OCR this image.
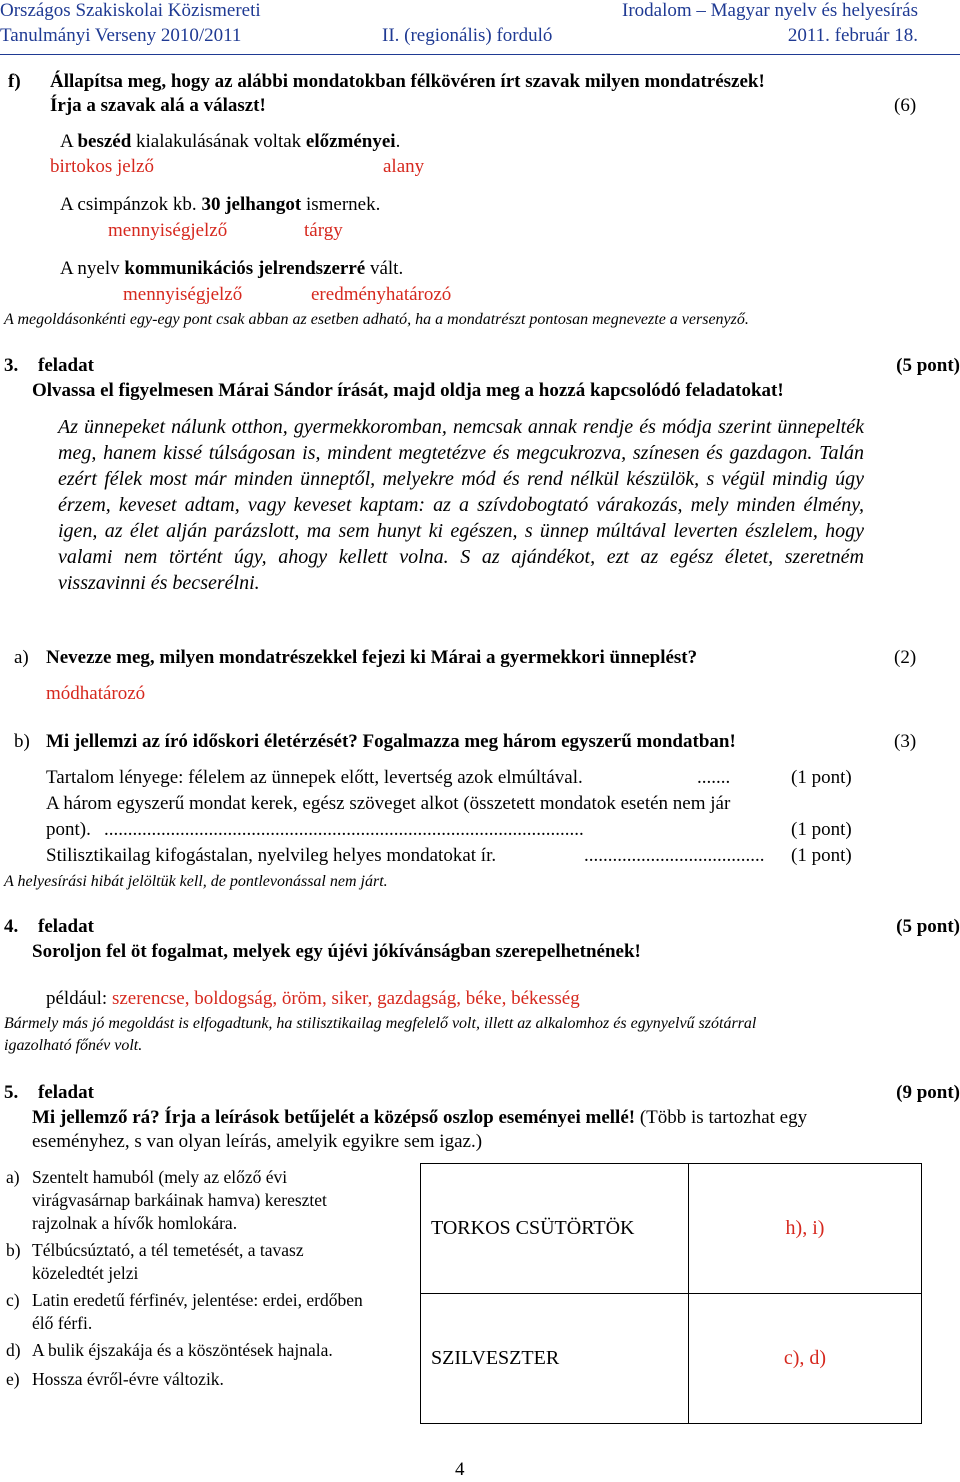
Országos Szakiskolai Közismereti	Irodalom – Magyar nyelv és helyesírás
Tanulmányi Verseny 2010/2011	II. (regionális) forduló	2011. február 18.
f) Állapítsa meg, hogy az alábbi mondatokban félkövéren írt szavak milyen mondatrészek!
Írja a szavak alá a választ!	(6)
A beszéd kialakulásának voltak előzményei.
birtokos jelző	alany
A csimpánzok kb. 30 jelhangot ismernek.
mennyiségjelző	tárgy
A nyelv kommunikációs jelrendszerré vált.
mennyiségjelző	eredményhatározó
A megoldásonkénti egy-egy pont csak abban az esetben adható, ha a mondatrészt pontosan megnevezte a versenyző.
3. feladat	(5 pont)
Olvassa el figyelmesen Márai Sándor írását, majd oldja meg a hozzá kapcsolódó feladatokat!
Az ünnepeket nálunk otthon, gyermekkoromban, nemcsak annak rendje és módja szerint ünnepelték meg, hanem kissé túlságosan is, mindent megtetézve és megcukrozva, színesen és gazdagon. Talán ezért félek most már minden ünneptől, melyekre mód és rend nélkül készülök, s végül mindig úgy érzem, keveset adtam, vagy keveset kaptam: az a szívdobogtató várakozás, mely minden élmény, igen, az élet alján parázslott, ma sem hunyt ki egészen, s ünnep múltával leverten észlelem, hogy valami nem történt úgy, ahogy kellett volna. S az ajándékot, ezt az egész életet, szeretném visszavinni és becserélni.
a) Nevezze meg, milyen mondatrészekkel fejezi ki Márai a gyermekkori ünneplést?	(2)
módhatározó
b) Mi jellemzi az író időskori életérzését? Fogalmazza meg három egyszerű mondatban!	(3)
Tartalom lényege: félelem az ünnepek előtt, levertség azok elmúltával.	.......	(1 pont)
A három egyszerű mondat kerek, egész szöveget alkot (összetett mondatok esetén nem jár
pont). .....................................................................................................	(1 pont)
Stilisztikailag kifogástalan, nyelvileg helyes mondatokat ír.	...................................... (1 pont)
A helyesírási hibát jelöltük kell, de pontlevonással nem járt.
4. feladat	(5 pont)
Soroljon fel öt fogalmat, melyek egy újévi jókívánságban szerepelhetnének!
például: szerencse, boldogság, öröm, siker, gazdagság, béke, békesség
Bármely más jó megoldást is elfogadtunk, ha stilisztikailag megfelelő volt, illett az alkalomhoz és egynyelvű szótárral
igazolható főnév volt.
5. feladat	(9 pont)
Mi jellemző rá? Írja a leírások betűjelét a középső oszlop eseményei mellé! (Több is tartozhat egy
eseményhez, s van olyan leírás, amelyik egyikre sem igaz.)

a) Szentelt hamuból (mely az előző évi virágvasárnap barkáinak hamva) keresztet rajzolnak a hívők homlokára.

b) Télbúcsúztató, a tél temetését, a tavasz közeledtét jelzi

c) Latin eredetű férfinév, jelentése: erdei, erdőben élő férfi.

d) A bulik éjszakája és a köszöntések hajnala.

e) Hossza évről-évre változik.

TORKOS CSÜTÖRTÖK	h), i)
SZILVESZTER	c), d)
4
